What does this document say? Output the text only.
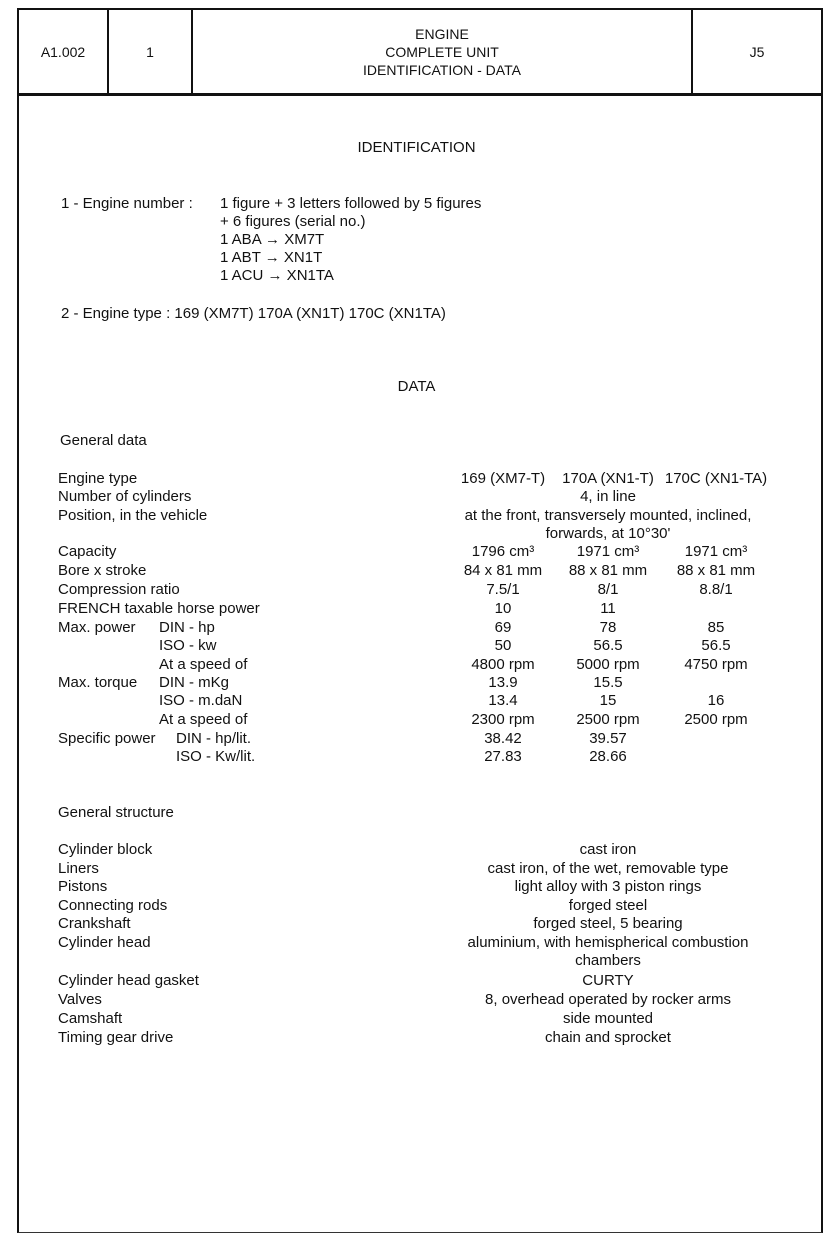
A1.002	1
ENGINE
COMPLETE UNIT
IDENTIFICATION - DATA
J5
IDENTIFICATION
1 - Engine number : 1 figure + 3 letters followed by 5 figures
+ 6 figures (serial no.)
1 ABA → XM7T
1 ABT → XN1T
1 ACU → XN1TA
2 - Engine type : 169 (XM7T) 170A (XN1T) 170C (XN1TA)
DATA
General data
Engine type	169 (XM7-T)	170A (XN1-T) 170C (XN1-TA)
Number of cylinders	4, in line
Position, in the vehicle	at the front, transversely mounted, inclined,
forwards, at 10°30'
Capacity	1796 cm³	1971 cm³	1971 cm³
Bore x stroke	84 x 81 mm	88 x 81 mm	88 x 81 mm
Compression ratio	7.5/1	8/1	8.8/1
FRENCH taxable horse power	10	11
Max. power DIN - hp	69	78	85
ISO - kw	50	56.5	56.5
At a speed of	4800 rpm	5000 rpm	4750 rpm
Max. torque DIN - mKg	13.9	15.5
ISO - m.daN	13.4	15	16
At a speed of	2300 rpm	2500 rpm	2500 rpm
Specific power DIN - hp/lit.	38.42	39.57
ISO - Kw/lit.	27.83	28.66
General structure
Cylinder block	cast iron
Liners	cast iron, of the wet, removable type
Pistons	light alloy with 3 piston rings
Connecting rods	forged steel
Crankshaft	forged steel, 5 bearing
Cylinder head	aluminium, with hemispherical combustion
chambers
Cylinder head gasket	CURTY
Valves	8, overhead operated by rocker arms
Camshaft	side mounted
Timing gear drive	chain and sprocket
